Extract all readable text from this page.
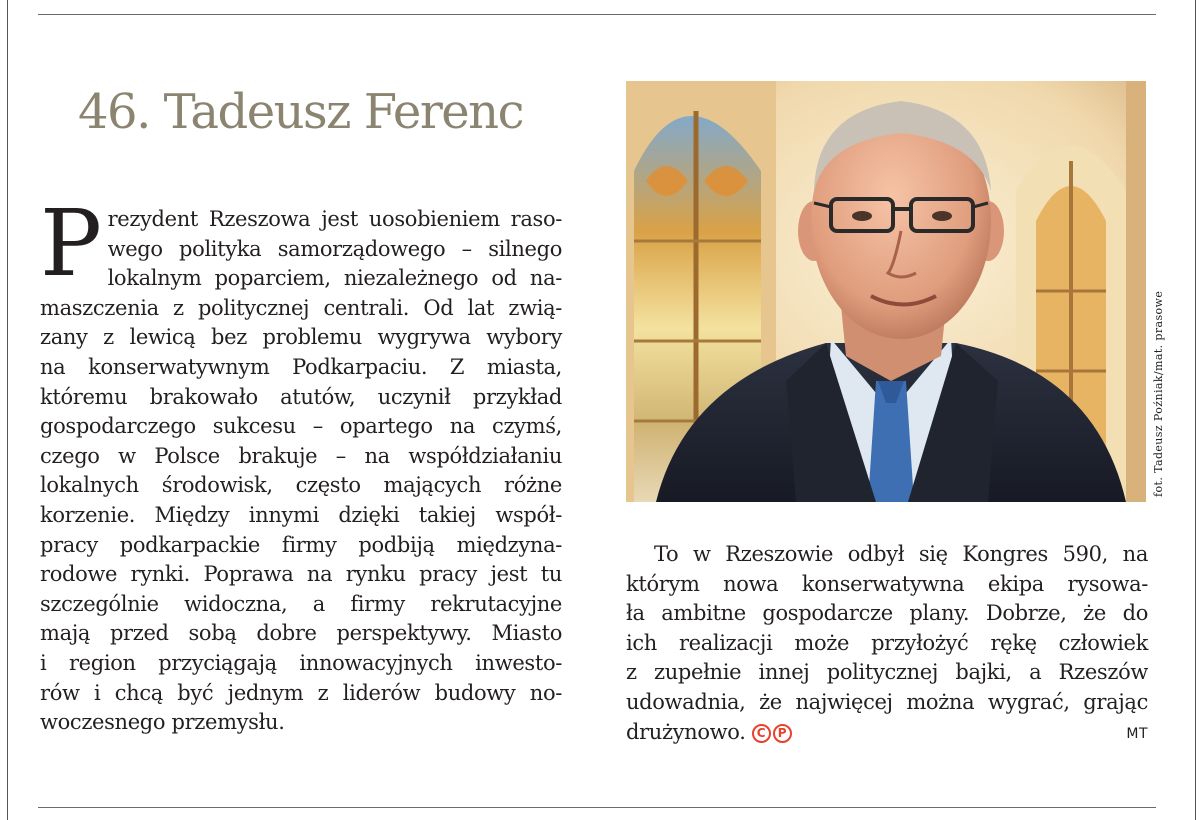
46. Tadeusz Ferenc
P rezydent Rzeszowa jest uosobieniem raso-
wego polityka samorządowego – silnego
lokalnym poparciem, niezależnego od na-
maszczenia z politycznej centrali. Od lat zwią-
zany z lewicą bez problemu wygrywa wybory
na konserwatywnym Podkarpaciu. Z miasta,
któremu brakowało atutów, uczynił przykład
gospodarczego sukcesu – opartego na czymś,
czego w Polsce brakuje – na współdziałaniu
lokalnych środowisk, często mających różne
korzenie. Między innymi dzięki takiej współ-
pracy podkarpackie firmy podbiją międzyna-
rodowe rynki. Poprawa na rynku pracy jest tu
szczególnie widoczna, a firmy rekrutacyjne
mają przed sobą dobre perspektywy. Miasto
i region przyciągają innowacyjnych inwesto-
rów i chcą być jednym z liderów budowy no-
woczesnego przemysłu.
fot. Tadeusz Poźniak/mat. prasowe
To w Rzeszowie odbył się Kongres 590, na
którym nowa konserwatywna ekipa rysowa-
ła ambitne gospodarcze plany. Dobrze, że do
ich realizacji może przyłożyć rękę człowiek
z zupełnie innej politycznej bajki, a Rzeszów
udowadnia, że najwięcej można wygrać, grając
drużynowo. C P	MT
